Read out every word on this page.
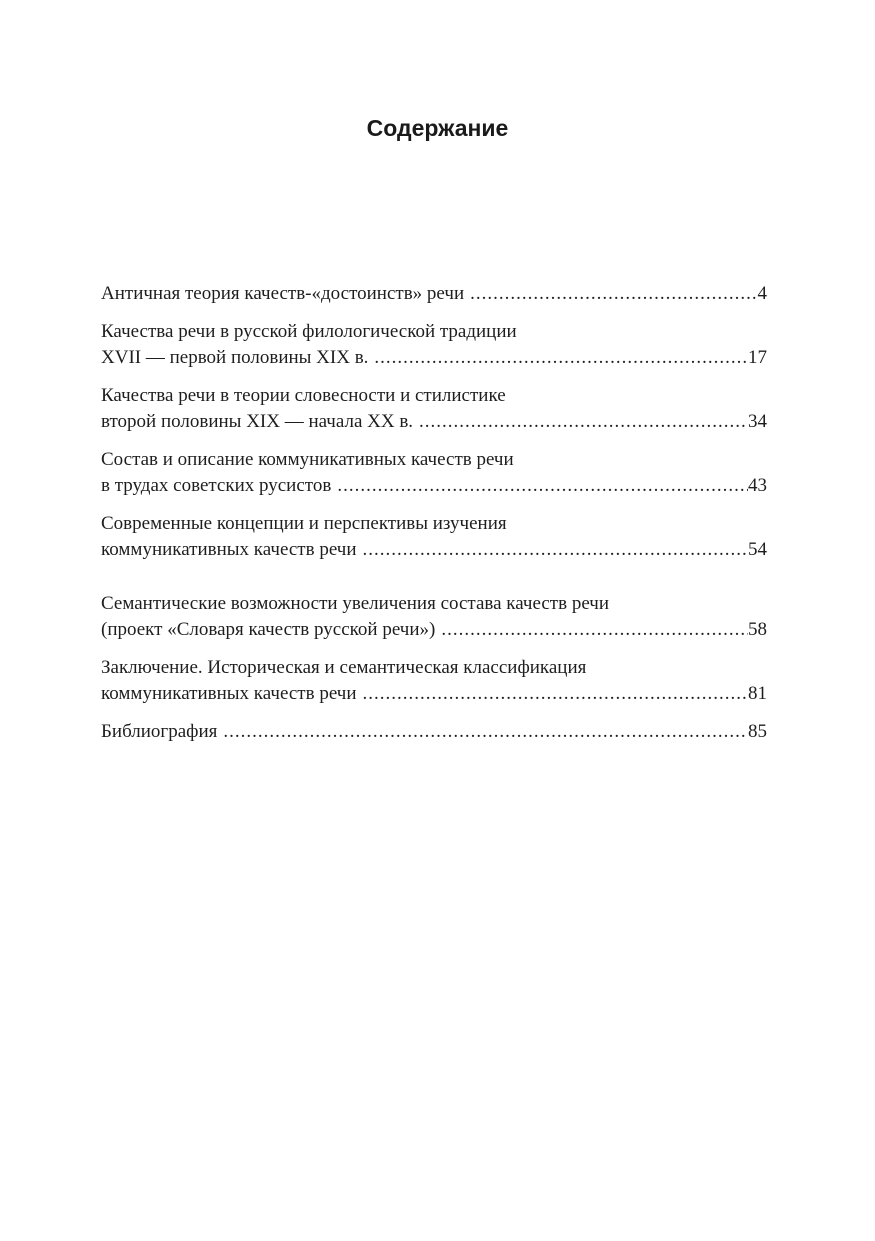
Содержание
Античная теория качеств-«достоинств» речи .....	4
Качества речи в русской филологической традиции
XVII — первой половины XIX в. .....	17
Качества речи в теории словесности и стилистике
второй половины XIX — начала XX в. .....	34
Состав и описание коммуникативных качеств речи
в трудах советских русистов .....	43
Современные концепции и перспективы изучения
коммуникативных качеств речи .....	54
Семантические возможности увеличения состава качеств речи
(проект «Словаря качеств русской речи») .....	58
Заключение. Историческая и семантическая классификация
коммуникативных качеств речи .....	81
Библиография .....	85
